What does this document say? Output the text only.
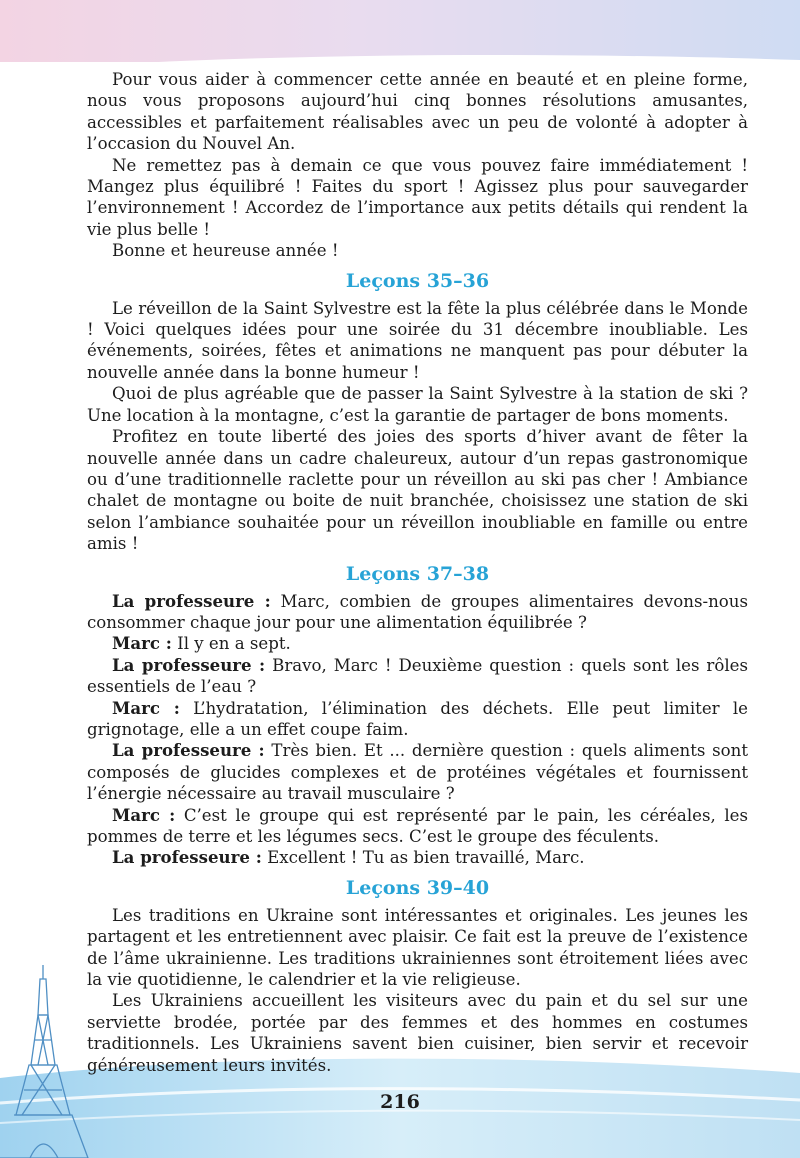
Pour vous aider à commencer cette année en beauté et en pleine forme, nous vous proposons aujourd’hui cinq bonnes résolutions amusantes, accessibles et parfaitement réalisables avec un peu de volonté à adopter à l’occasion du Nouvel An.

Ne remettez pas à demain ce que vous pouvez faire immédiatement ! Mangez plus équilibré ! Faites du sport ! Agissez plus pour sauvegarder l’environnement ! Accordez de l’importance aux petits détails qui rendent la vie plus belle !

Bonne et heureuse année !

Leçons 35–36

Le réveillon de la Saint Sylvestre est la fête la plus célébrée dans le Monde ! Voici quelques idées pour une soirée du 31 décembre inoubliable. Les événements, soirées, fêtes et animations ne manquent pas pour débuter la nouvelle année dans la bonne humeur !

Quoi de plus agréable que de passer la Saint Sylvestre à la station de ski ? Une location à la montagne, c’est la garantie de partager de bons moments.

Profitez en toute liberté des joies des sports d’hiver avant de fêter la nouvelle année dans un cadre chaleureux, autour d’un repas gastronomique ou d’une traditionnelle raclette pour un réveillon au ski pas cher ! Ambiance chalet de montagne ou boite de nuit branchée, choisissez une station de ski selon l’ambiance souhaitée pour un réveillon inoubliable en famille ou entre amis !

Leçons 37–38

La professeure : Marc, combien de groupes alimentaires devons-nous consommer chaque jour pour une alimentation équilibrée ?

Marc : Il y en a sept.

La professeure : Bravo, Marc ! Deuxième question : quels sont les rôles essentiels de l’eau ?

Marc : L’hydratation, l’élimination des déchets. Elle peut limiter le grignotage, elle a un effet coupe faim.

La professeure : Très bien. Et ... dernière question : quels aliments sont composés de glucides complexes et de protéines végétales et fournissent l’énergie nécessaire au travail musculaire ?

Marc : C’est le groupe qui est représenté par le pain, les céréales, les pommes de terre et les légumes secs. C’est le groupe des féculents.

La professeure : Excellent ! Tu as bien travaillé, Marc.

Leçons 39–40

Les traditions en Ukraine sont intéressantes et originales. Les jeunes les partagent et les entretiennent avec plaisir. Ce fait est la preuve de l’existence de l’âme ukrainienne. Les traditions ukrainiennes sont étroitement liées avec la vie quotidienne, le calendrier et la vie religieuse.

Les Ukrainiens accueillent les visiteurs avec du pain et du sel sur une serviette brodée, portée par des femmes et des hommes en costumes traditionnels. Les Ukrainiens savent bien cuisiner, bien servir et recevoir généreusement leurs invités.

216
